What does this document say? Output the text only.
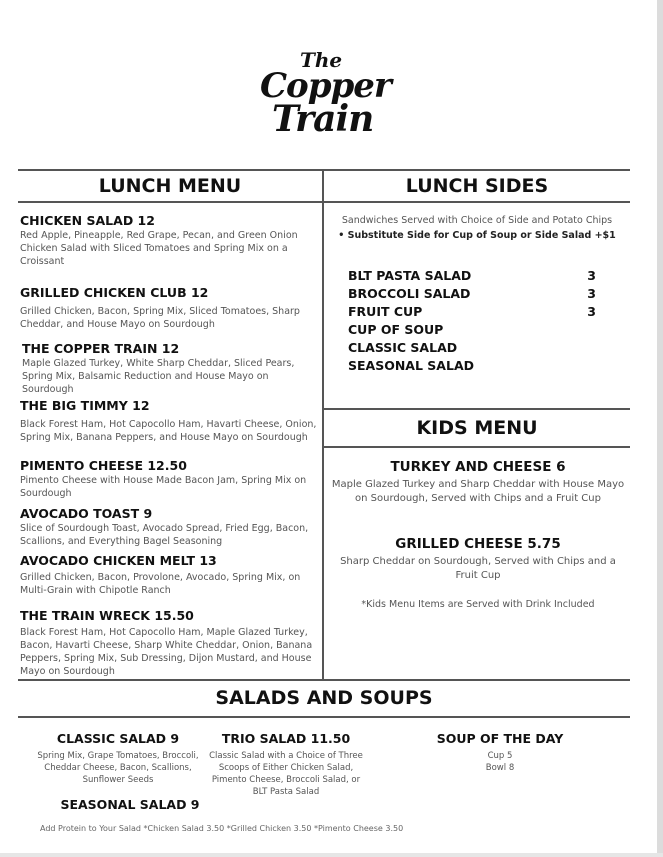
The
Copper
Train
LUNCH MENU	LUNCH SIDES
KIDS MENU
SALADS AND SOUPS
CHICKEN SALAD 12
Red Apple, Pineapple, Red Grape, Pecan, and Green Onion Chicken Salad with Sliced Tomatoes and Spring Mix on a Croissant
GRILLED CHICKEN CLUB 12
Grilled Chicken, Bacon, Spring Mix, Sliced Tomatoes, Sharp Cheddar, and House Mayo on Sourdough
THE COPPER TRAIN 12
Maple Glazed Turkey, White Sharp Cheddar, Sliced Pears, Spring Mix, Balsamic Reduction and House Mayo on Sourdough
THE BIG TIMMY 12
Black Forest Ham, Hot Capocollo Ham, Havarti Cheese, Onion, Spring Mix, Banana Peppers, and House Mayo on Sourdough
PIMENTO CHEESE 12.50
Pimento Cheese with House Made Bacon Jam, Spring Mix on Sourdough
AVOCADO TOAST 9
Slice of Sourdough Toast, Avocado Spread, Fried Egg, Bacon, Scallions, and Everything Bagel Seasoning
AVOCADO CHICKEN MELT 13
Grilled Chicken, Bacon, Provolone, Avocado, Spring Mix, on Multi-Grain with Chipotle Ranch
THE TRAIN WRECK 15.50
Black Forest Ham, Hot Capocollo Ham, Maple Glazed Turkey, Bacon, Havarti Cheese, Sharp White Cheddar, Onion, Banana Peppers, Spring Mix, Sub Dressing, Dijon Mustard, and House Mayo on Sourdough
Sandwiches Served with Choice of Side and Potato Chips
• Substitute Side for Cup of Soup or Side Salad +$1
BLT PASTA SALAD	3
BROCCOLI SALAD	3
FRUIT CUP	3
CUP OF SOUP
CLASSIC SALAD
SEASONAL SALAD
TURKEY AND CHEESE 6
Maple Glazed Turkey and Sharp Cheddar with House Mayo on Sourdough, Served with Chips and a Fruit Cup
GRILLED CHEESE 5.75
Sharp Cheddar on Sourdough, Served with Chips and a Fruit Cup
*Kids Menu Items are Served with Drink Included
CLASSIC SALAD 9
Spring Mix, Grape Tomatoes, Broccoli, Cheddar Cheese, Bacon, Scallions, Sunflower Seeds
TRIO SALAD 11.50
Classic Salad with a Choice of Three Scoops of Either Chicken Salad, Pimento Cheese, Broccoli Salad, or BLT Pasta Salad
SOUP OF THE DAY
Cup 5
Bowl 8
SEASONAL SALAD 9
Add Protein to Your Salad *Chicken Salad 3.50 *Grilled Chicken 3.50 *Pimento Cheese 3.50
